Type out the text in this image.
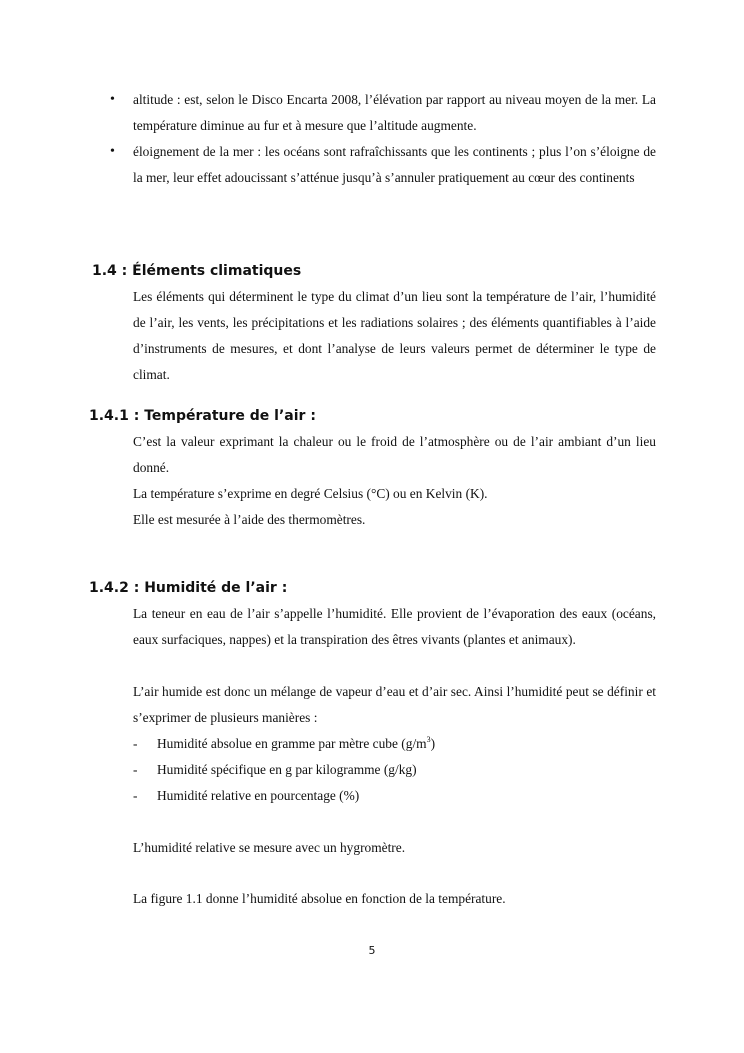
• altitude : est, selon le Disco Encarta 2008, l’élévation par rapport au niveau moyen de la mer. La température diminue au fur et à mesure que l’altitude augmente.
• éloignement de la mer : les océans sont rafraîchissants que les continents ; plus l’on s’éloigne de la mer, leur effet adoucissant s’atténue jusqu’à s’annuler pratiquement au cœur des continents
1.4 : Éléments climatiques
Les éléments qui déterminent le type du climat d’un lieu sont la température de l’air, l’humidité de l’air, les vents, les précipitations et les radiations solaires ; des éléments quantifiables à l’aide d’instruments de mesures, et dont l’analyse de leurs valeurs permet de déterminer le type de climat.
1.4.1 : Température de l’air :
C’est la valeur exprimant la chaleur ou le froid de l’atmosphère ou de l’air ambiant d’un lieu donné.
La température s’exprime en degré Celsius (°C) ou en Kelvin (K).
Elle est mesurée à l’aide des thermomètres.
1.4.2 : Humidité de l’air :
La teneur en eau de l’air s’appelle l’humidité. Elle provient de l’évaporation des eaux (océans, eaux surfaciques, nappes) et la transpiration des êtres vivants (plantes et animaux).
L’air humide est donc un mélange de vapeur d’eau et d’air sec. Ainsi l’humidité peut se définir et s’exprimer de plusieurs manières :
- Humidité absolue en gramme par mètre cube $(g/m^3)$
- Humidité spécifique en g par kilogramme (g/kg)
- Humidité relative en pourcentage (%)
L’humidité relative se mesure avec un hygromètre.
La figure 1.1 donne l’humidité absolue en fonction de la température.
5
